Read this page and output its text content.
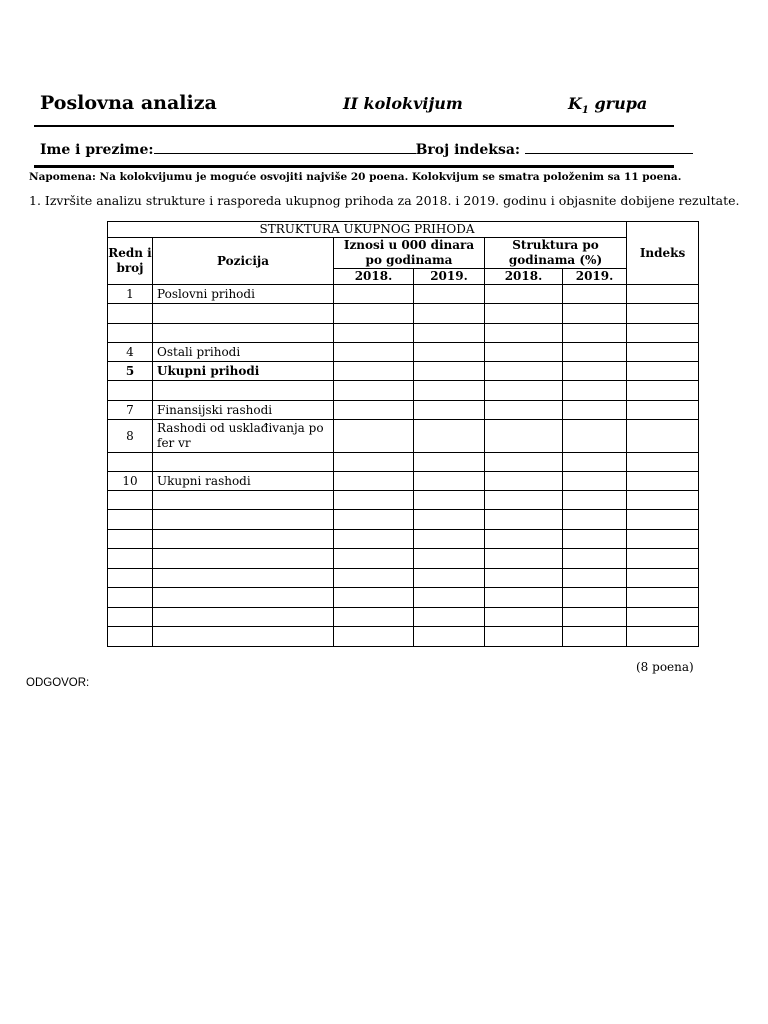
Poslovna analiza	II kolokvijum	$K_1$ grupa
Ime i prezime:	Broj indeksa:
Napomena: Na kolokvijumu je moguće osvojiti najviše 20 poena. Kolokvijum se smatra položenim sa 11 poena.
1. Izvršite analizu strukture i rasporeda ukupnog prihoda za 2018. i 2019. godinu i objasnite dobijene rezultate.
STRUKTURA UKUPNOG PRIHODA						Indeks
Redn i broj	Pozicija	Iznosi u 000 dinara po godinama		Struktura po godinama (%)		
		2018.	2019.	2018.	2019.	
1	Poslovni prihodi					

4	Ostali prihodi					
5	Ukupni prihodi					

7	Finansijski rashodi					
8	Rashodi od usklađivanja po fer vr					

10	Ukupni rashodi					

(8 poena)
ODGOVOR:
